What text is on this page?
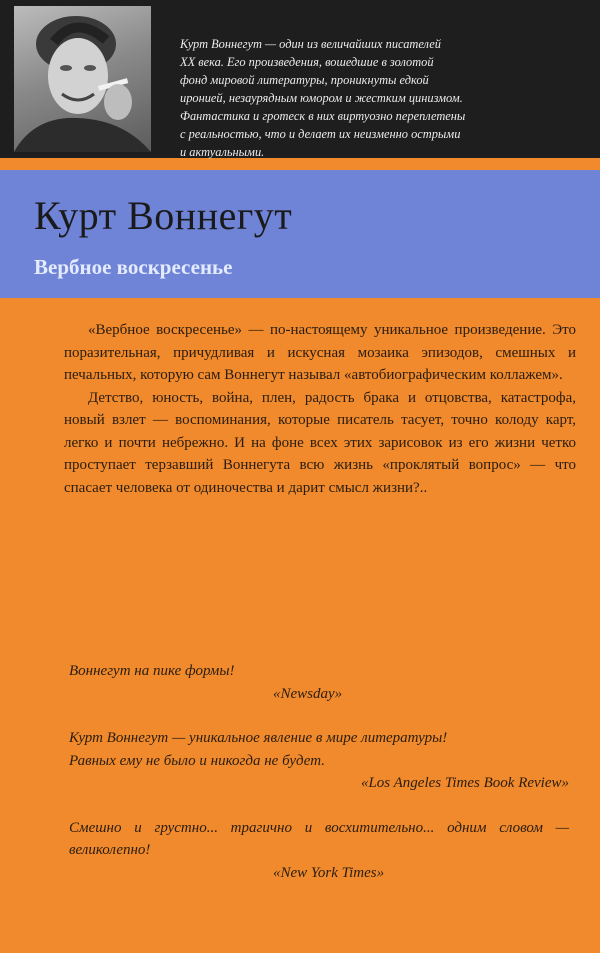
Курт Воннегут — один из величайших писателей
XX века. Его произведения, вошедшие в золотой
фонд мировой литературы, проникнуты едкой
иронией, незаурядным юмором и жестким цинизмом.
Фантастика и гротеск в них виртуозно переплетены
с реальностью, что и делает их неизменно острыми
и актуальными.

Курт Воннегут
Вербное воскресенье

«Вербное воскресенье» — по-настоящему уникальное произведение. Это поразительная, причудливая и искусная мозаика эпизодов, смешных и печальных, которую сам Воннегут называл «автобиографическим коллажем».

Детство, юность, война, плен, радость брака и отцовства, катастрофа, новый взлет — воспоминания, которые писатель тасует, точно колоду карт, легко и почти небрежно. И на фоне всех этих зарисовок из его жизни четко проступает терзавший Воннегута всю жизнь «проклятый вопрос» — что спасает человека от одиночества и дарит смысл жизни?..

Воннегут на пике формы!

«Newsday»

Курт Воннегут — уникальное явление в мире литературы!
Равных ему не было и никогда не будет.

«Los Angeles Times Book Review»

Смешно и грустно... трагично и восхитительно... одним словом — великолепно!

«New York Times»
